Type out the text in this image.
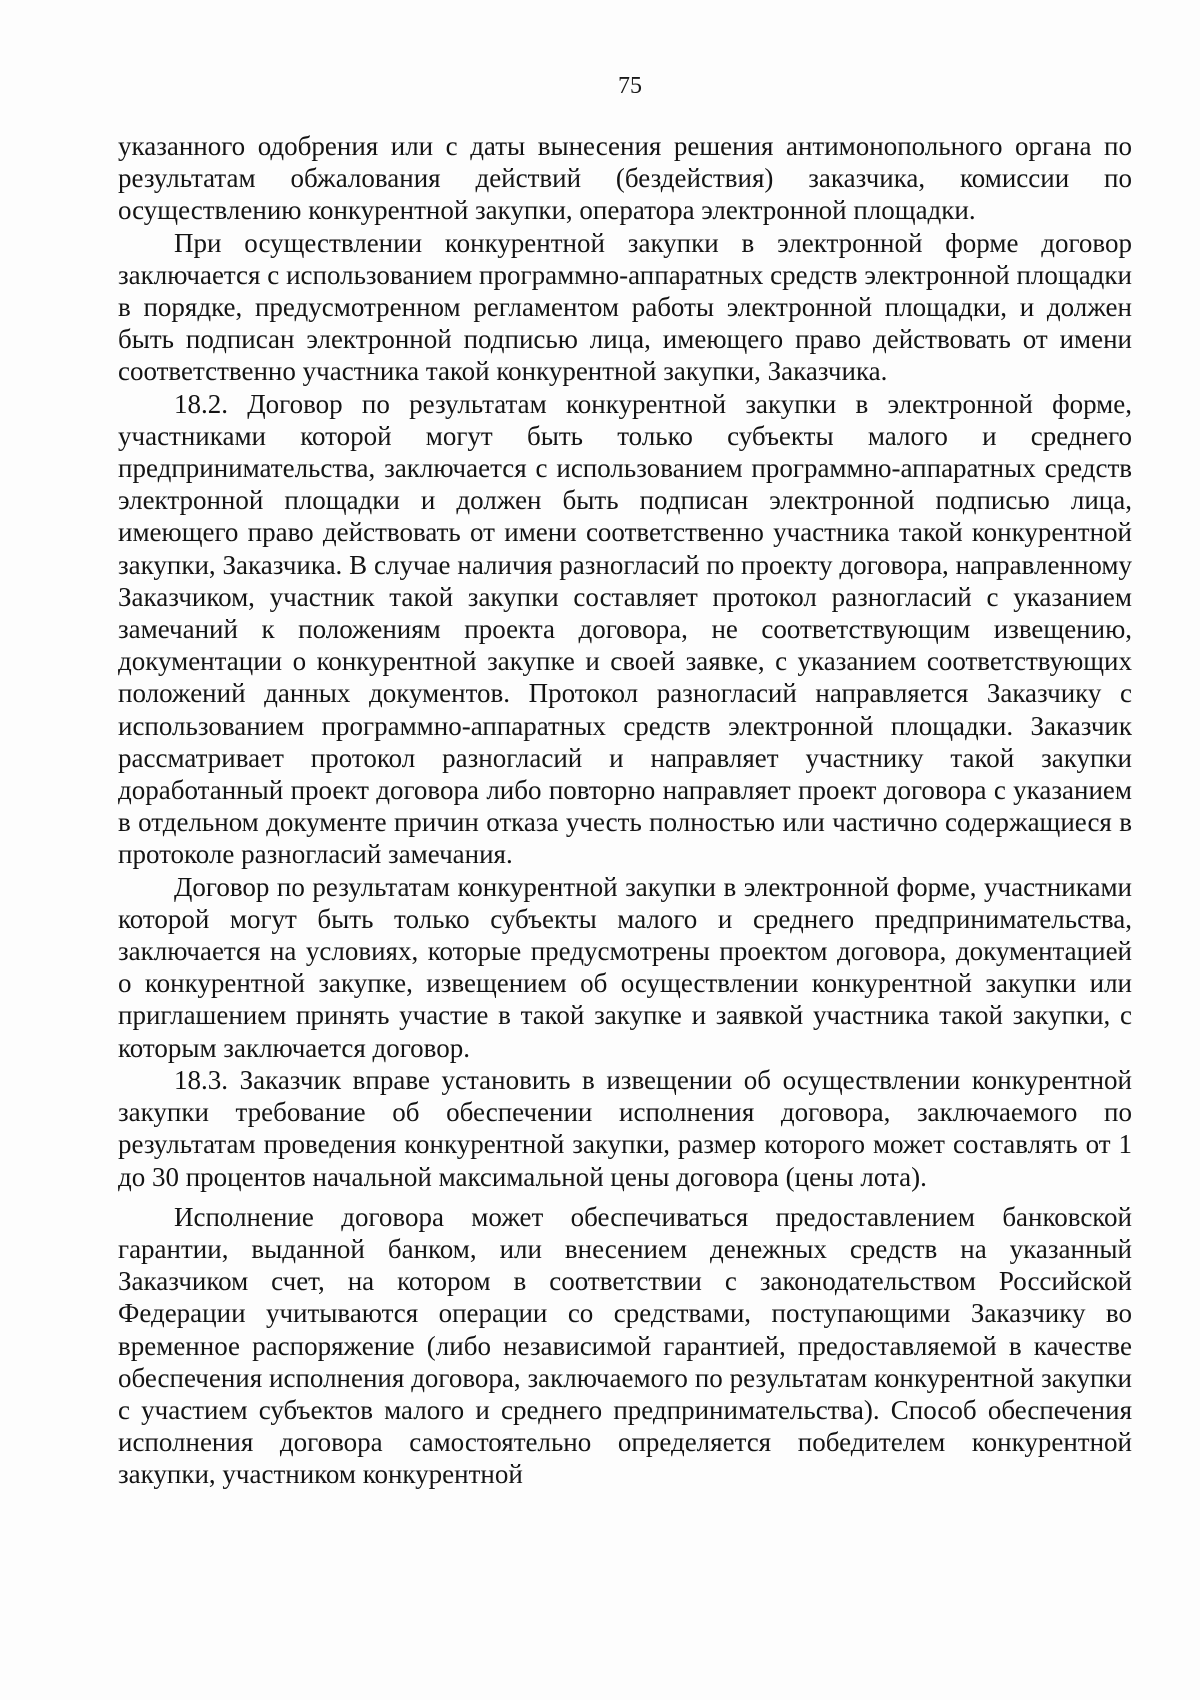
75

указанного одобрения или с даты вынесения решения антимонопольного органа по результатам обжалования действий (бездействия) заказчика, комиссии по осуществлению конкурентной закупки, оператора электронной площадки.

При осуществлении конкурентной закупки в электронной форме договор заключается с использованием программно-аппаратных средств электронной площадки в порядке, предусмотренном регламентом работы электронной площадки, и должен быть подписан электронной подписью лица, имеющего право действовать от имени соответственно участника такой конкурентной закупки, Заказчика.

18.2. Договор по результатам конкурентной закупки в электронной форме, участниками которой могут быть только субъекты малого и среднего предпринимательства, заключается с использованием программно-аппаратных средств электронной площадки и должен быть подписан электронной подписью лица, имеющего право действовать от имени соответственно участника такой конкурентной закупки, Заказчика. В случае наличия разногласий по проекту договора, направленному Заказчиком, участник такой закупки составляет протокол разногласий с указанием замечаний к положениям проекта договора, не соответствующим извещению, документации о конкурентной закупке и своей заявке, с указанием соответствующих положений данных документов. Протокол разногласий направляется Заказчику с использованием программно-аппаратных средств электронной площадки. Заказчик рассматривает протокол разногласий и направляет участнику такой закупки доработанный проект договора либо повторно направляет проект договора с указанием в отдельном документе причин отказа учесть полностью или частично содержащиеся в протоколе разногласий замечания.

Договор по результатам конкурентной закупки в электронной форме, участниками которой могут быть только субъекты малого и среднего предпринимательства, заключается на условиях, которые предусмотрены проектом договора, документацией о конкурентной закупке, извещением об осуществлении конкурентной закупки или приглашением принять участие в такой закупке и заявкой участника такой закупки, с которым заключается договор.

18.3. Заказчик вправе установить в извещении об осуществлении конкурентной закупки требование об обеспечении исполнения договора, заключаемого по результатам проведения конкурентной закупки, размер которого может составлять от 1 до 30 процентов начальной максимальной цены договора (цены лота).

Исполнение договора может обеспечиваться предоставлением банковской гарантии, выданной банком, или внесением денежных средств на указанный Заказчиком счет, на котором в соответствии с законодательством Российской Федерации учитываются операции со средствами, поступающими Заказчику во временное распоряжение (либо независимой гарантией, предоставляемой в качестве обеспечения исполнения договора, заключаемого по результатам конкурентной закупки с участием субъектов малого и среднего предпринимательства). Способ обеспечения исполнения договора самостоятельно определяется победителем конкурентной закупки, участником конкурентной
